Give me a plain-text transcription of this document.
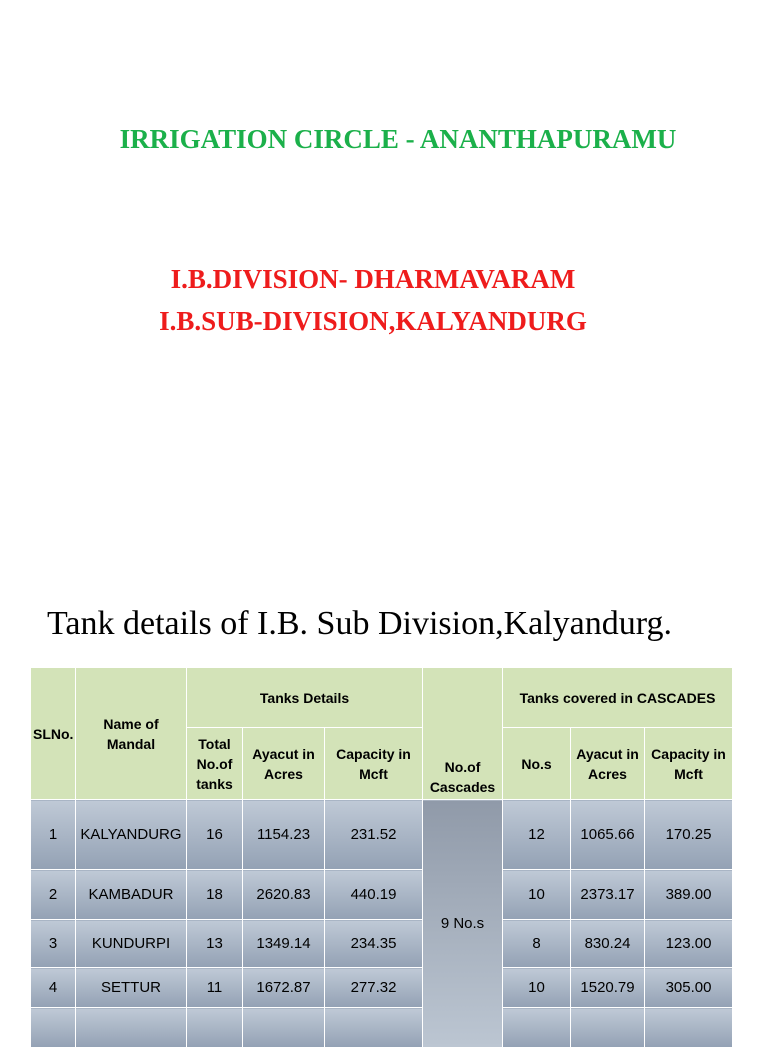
IRRIGATION CIRCLE - ANANTHAPURAMU
I.B.DIVISION- DHARMAVARAM
I.B.SUB-DIVISION,KALYANDURG
Tank details of I.B. Sub Division,Kalyandurg.
SLNo.	Name of Mandal	Tanks Details			No.of Cascades	Tanks covered in CASCADES		
		Total No.of tanks	Ayacut in Acres	Capacity in Mcft		No.s	Ayacut in Acres	Capacity in Mcft
1	KALYANDURG	16	1154.23	231.52	9 No.s	12	1065.66	170.25
2	KAMBADUR	18	2620.83	440.19		10	2373.17	389.00
3	KUNDURPI	13	1349.14	234.35		8	830.24	123.00
4	SETTUR	11	1672.87	277.32		10	1520.79	305.00
